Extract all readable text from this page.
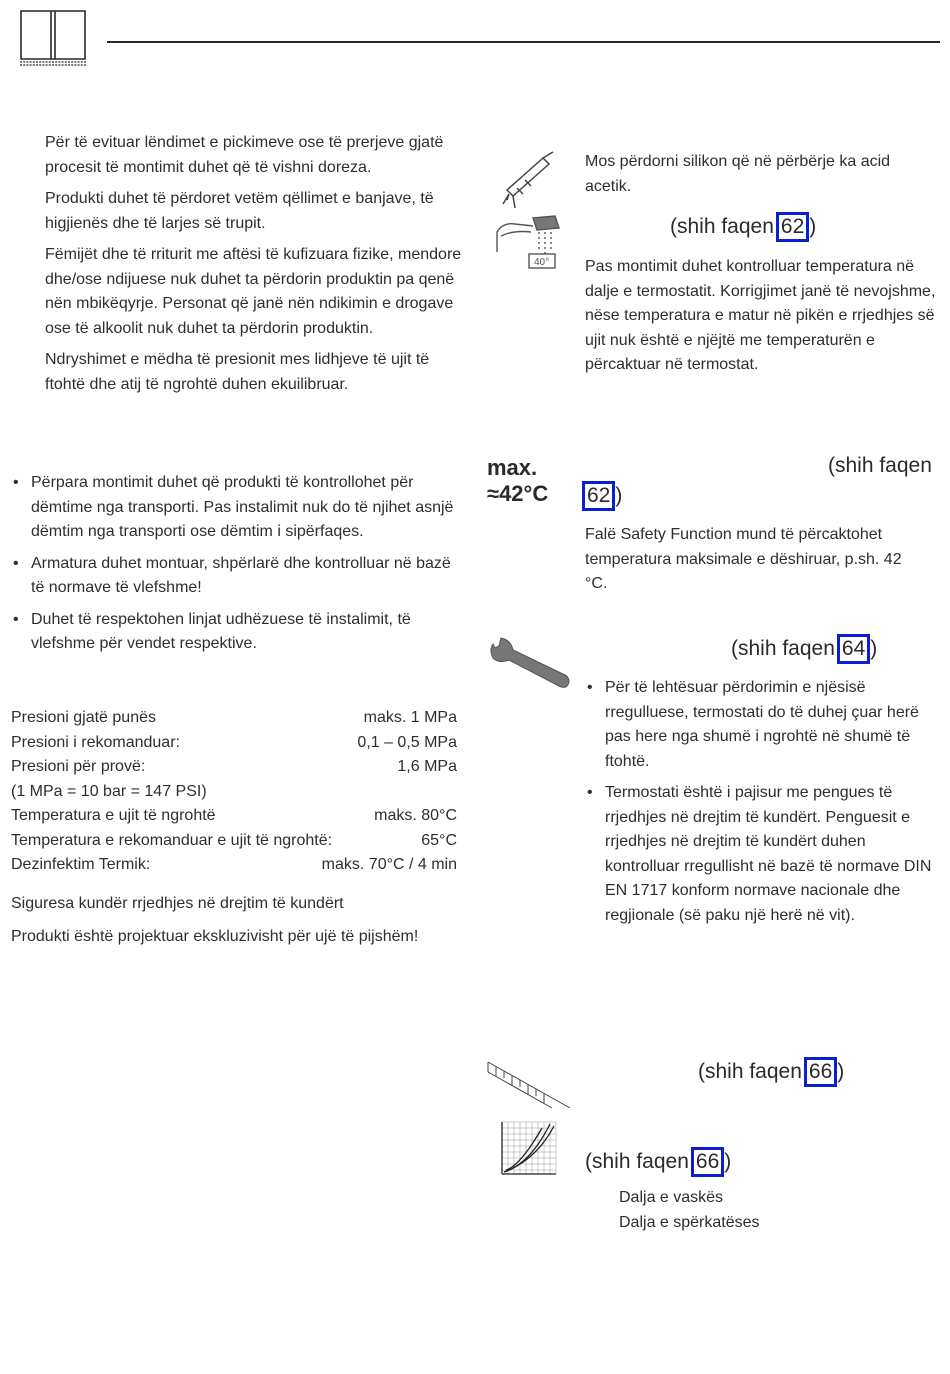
Për të evituar lëndimet e pickimeve ose të prerjeve gjatë procesit të montimit duhet që të vishni doreza.

Produkti duhet të përdoret vetëm qëllimet e banjave, të higjienës dhe të larjes së trupit.

Fëmijët dhe të rriturit me aftësi të kufizuara fizike, mendore dhe/ose ndijuese nuk duhet ta përdorin produktin pa qenë nën mbikëqyrje. Personat që janë nën ndikimin e drogave ose të alkoolit nuk duhet ta përdorin produktin.

Ndryshimet e mëdha të presionit mes lidhjeve të ujit të ftohtë dhe atij të ngrohtë duhen ekuilibruar.

• Përpara montimit duhet që produkti të kontrollohet për dëmtime nga transporti. Pas instalimit nuk do të njihet asnjë dëmtim nga transporti ose dëmtim i sipërfaqes.
• Armatura duhet montuar, shpërlarë dhe kontrolluar në bazë të normave të vlefshme!
• Duhet të respektohen linjat udhëzuese të instalimit, të vlefshme për vendet respektive.
Presioni gjatë punës	maks. 1 MPa
Presioni i rekomanduar:	0,1 – 0,5 MPa
Presioni për provë:	1,6 MPa
(1 MPa = 10 bar = 147 PSI)
Temperatura e ujit të ngrohtë	maks. 80°C
Temperatura e rekomanduar e ujit të ngrohtë:	65°C
Dezinfektim Termik:	maks. 70°C / 4 min

Siguresa kundër rrjedhjes në drejtim të kundërt

Produkti është projektuar ekskluzivisht për ujë të pijshëm!

Mos përdorni silikon që në përbërje ka acid acetik.

40°
(shih faqen 62 )

Pas montimit duhet kontrolluar temperatura në dalje e termostatit. Korrigjimet janë të nevojshme, nëse temperatura e matur në pikën e rrjedhjes së ujit nuk është e njëjtë me temperaturën e përcaktuar në termostat.

max.
≈42°C
(shih faqen
62 )

Falë Safety Function mund të përcaktohet temperatura maksimale e dëshiruar, p.sh. 42 °C.

(shih faqen 64 )
• Për të lehtësuar përdorimin e njësisë rregulluese, termostati do të duhej çuar herë pas here nga shumë i ngrohtë në shumë të ftohtë.
• Termostati është i pajisur me pengues të rrjedhjes në drejtim të kundërt. Penguesit e rrjedhjes në drejtim të kundërt duhen kontrolluar rregullisht në bazë të normave DIN EN 1717 konform normave nacionale dhe regjionale (së paku një herë në vit).
(shih faqen 66 )
(shih faqen 66 )

Dalja e vaskës

Dalja e spërkatëses
